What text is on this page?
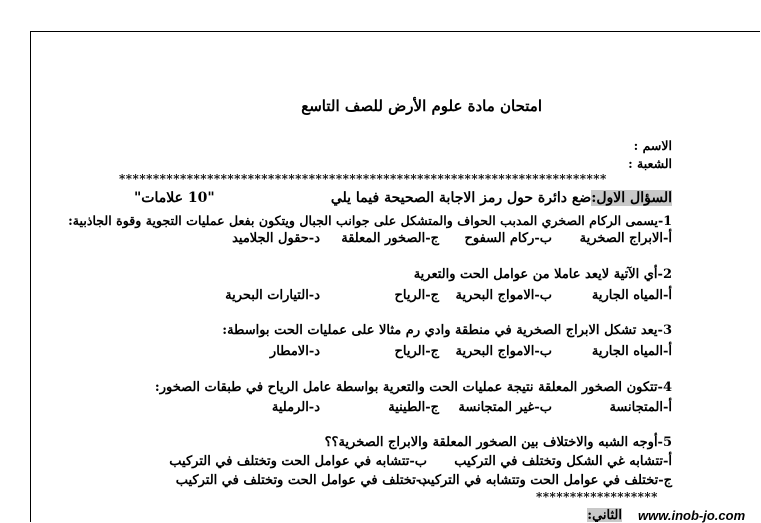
امتحان مادة علوم الأرض للصف التاسع
الاسم :
الشعبة :
************************************************************************
السؤال الاول:ضع دائرة حول رمز الاجابة الصحيحة فيما يلي
"10 علامات"
1-يسمى الركام الصخري المدبب الحواف والمتشكل على جوانب الجبال ويتكون بفعل عمليات التجوية وقوة الجاذبية:
أ-الابراج الصخرية
ب-ركام السفوح
ج-الصخور المعلقة
د-حقول الجلاميد
2-أي الآتية لايعد عاملا من عوامل الحت والتعرية
أ-المياه الجارية
ب-الامواج البحرية
ج-الرياح
د-التيارات البحرية
3-يعد تشكل الابراج الصخرية في منطقة وادي رم مثالا على عمليات الحت بواسطة:
أ-المياه الجارية
ب-الامواج البحرية
ج-الرياح
د-الامطار
4-تتكون الصخور المعلقة نتيجة عمليات الحت والتعرية بواسطة عامل الرياح في طبقات الصخور:
أ-المتجانسة
ب-غير المتجانسة
ج-الطينية
د-الرملية
5-أوجه الشبه والاختلاف بين الصخور المعلقة والابراج الصخرية؟؟
أ-تتشابه غي الشكل وتختلف في التركيب
ب-تتشابه في عوامل الحت وتختلف في التركيب
ج-تختلف في عوامل الحت وتتشابه في التركيب
د-تختلف في عوامل الحت وتختلف في التركيب
******************
الثاني: www.inob-jo.com
